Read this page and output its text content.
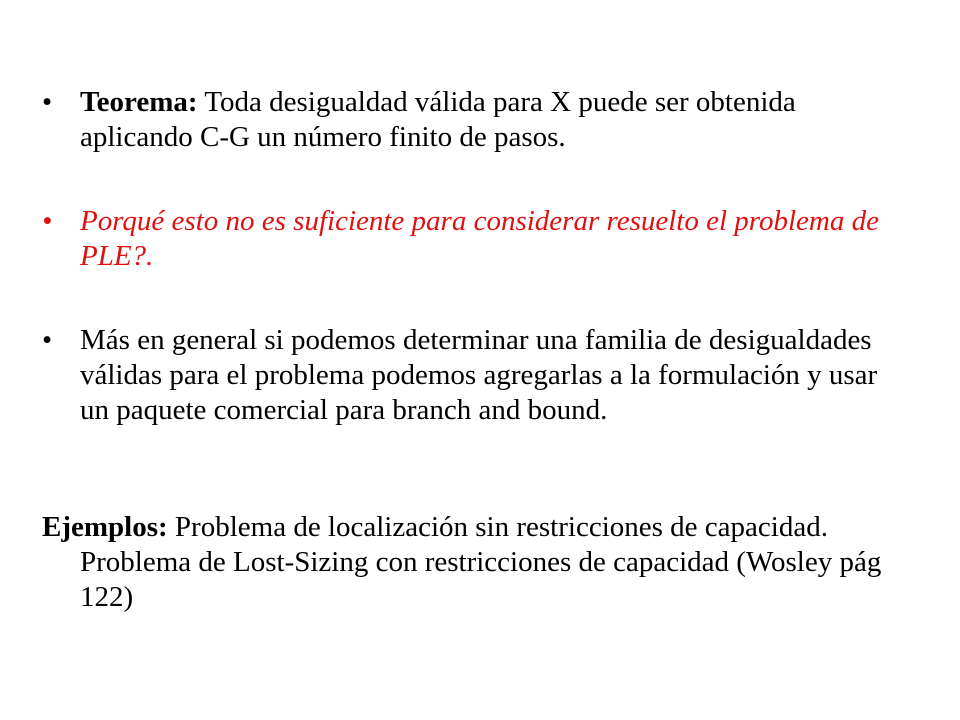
• Teorema: Toda desigualdad válida para X puede ser obtenida aplicando C-G un número finito de pasos.
• Porqué esto no es suficiente para considerar resuelto el problema de PLE?.
• Más en general si podemos determinar una familia de desigualdades válidas para el problema podemos agregarlas a la formulación y usar un paquete comercial para branch and bound.
Ejemplos: Problema de localización sin restricciones de capacidad. Problema de Lost-Sizing con restricciones de capacidad (Wosley pág 122)
